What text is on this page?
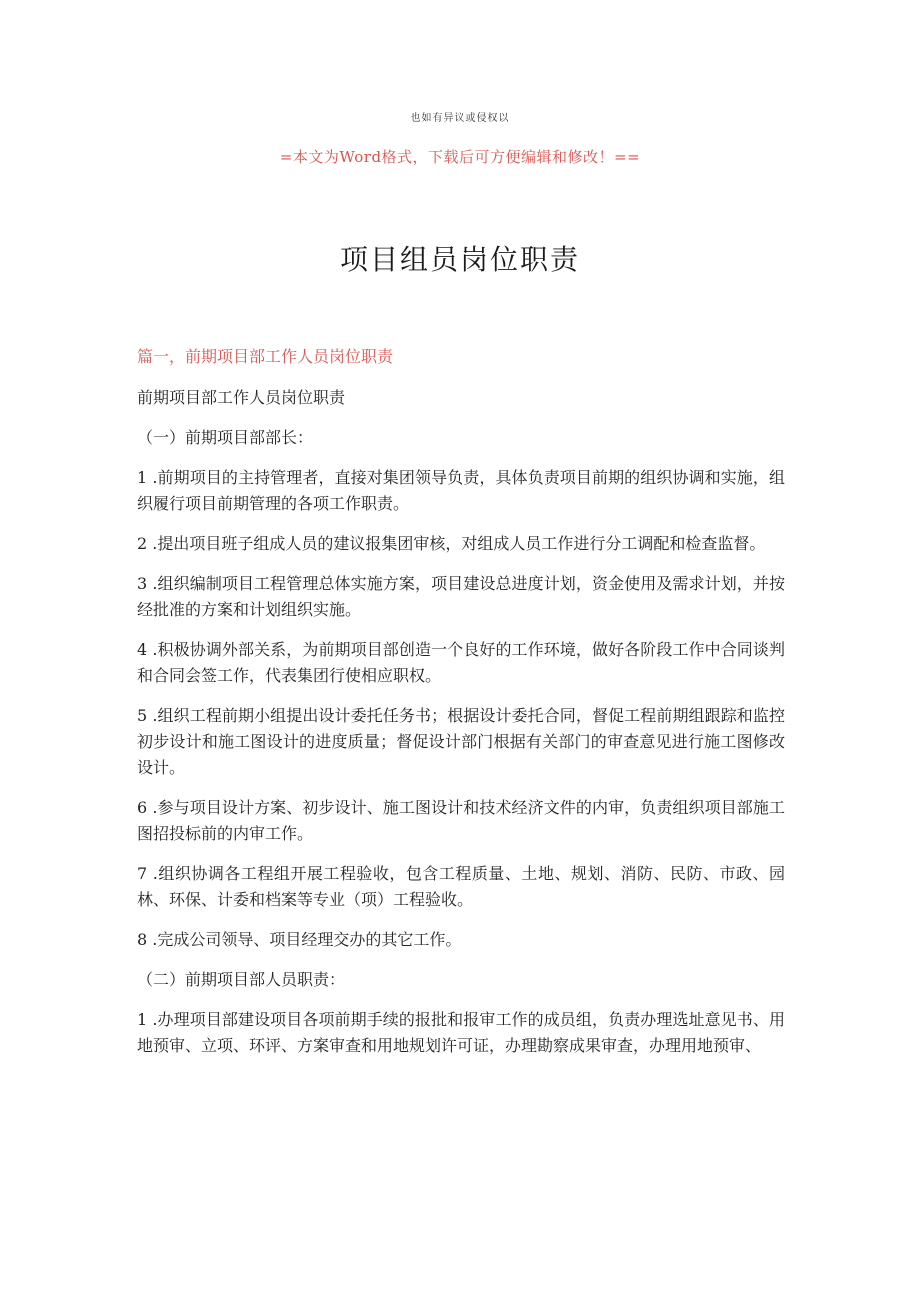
也如有异议或侵权以
=本文为Word格式，下载后可方便编辑和修改！==
项目组员岗位职责
篇一，前期项目部工作人员岗位职责
前期项目部工作人员岗位职责
（一）前期项目部部长：
1 .前期项目的主持管理者，直接对集团领导负责，具体负责项目前期的组织协调和实施，组织履行项目前期管理的各项工作职责。
2 .提出项目班子组成人员的建议报集团审核，对组成人员工作进行分工调配和检查监督。
3 .组织编制项目工程管理总体实施方案，项目建设总进度计划，资金使用及需求计划，并按经批准的方案和计划组织实施。
4 .积极协调外部关系，为前期项目部创造一个良好的工作环境，做好各阶段工作中合同谈判和合同会签工作，代表集团行使相应职权。
5 .组织工程前期小组提出设计委托任务书；根据设计委托合同，督促工程前期组跟踪和监控初步设计和施工图设计的进度质量；督促设计部门根据有关部门的审查意见进行施工图修改设计。
6 .参与项目设计方案、初步设计、施工图设计和技术经济文件的内审，负责组织项目部施工图招投标前的内审工作。
7 .组织协调各工程组开展工程验收，包含工程质量、土地、规划、消防、民防、市政、园林、环保、计委和档案等专业（项）工程验收。
8 .完成公司领导、项目经理交办的其它工作。
（二）前期项目部人员职责：
1 .办理项目部建设项目各项前期手续的报批和报审工作的成员组，负责办理选址意见书、用地预审、立项、环评、方案审查和用地规划许可证，办理勘察成果审查，办理用地预审、
